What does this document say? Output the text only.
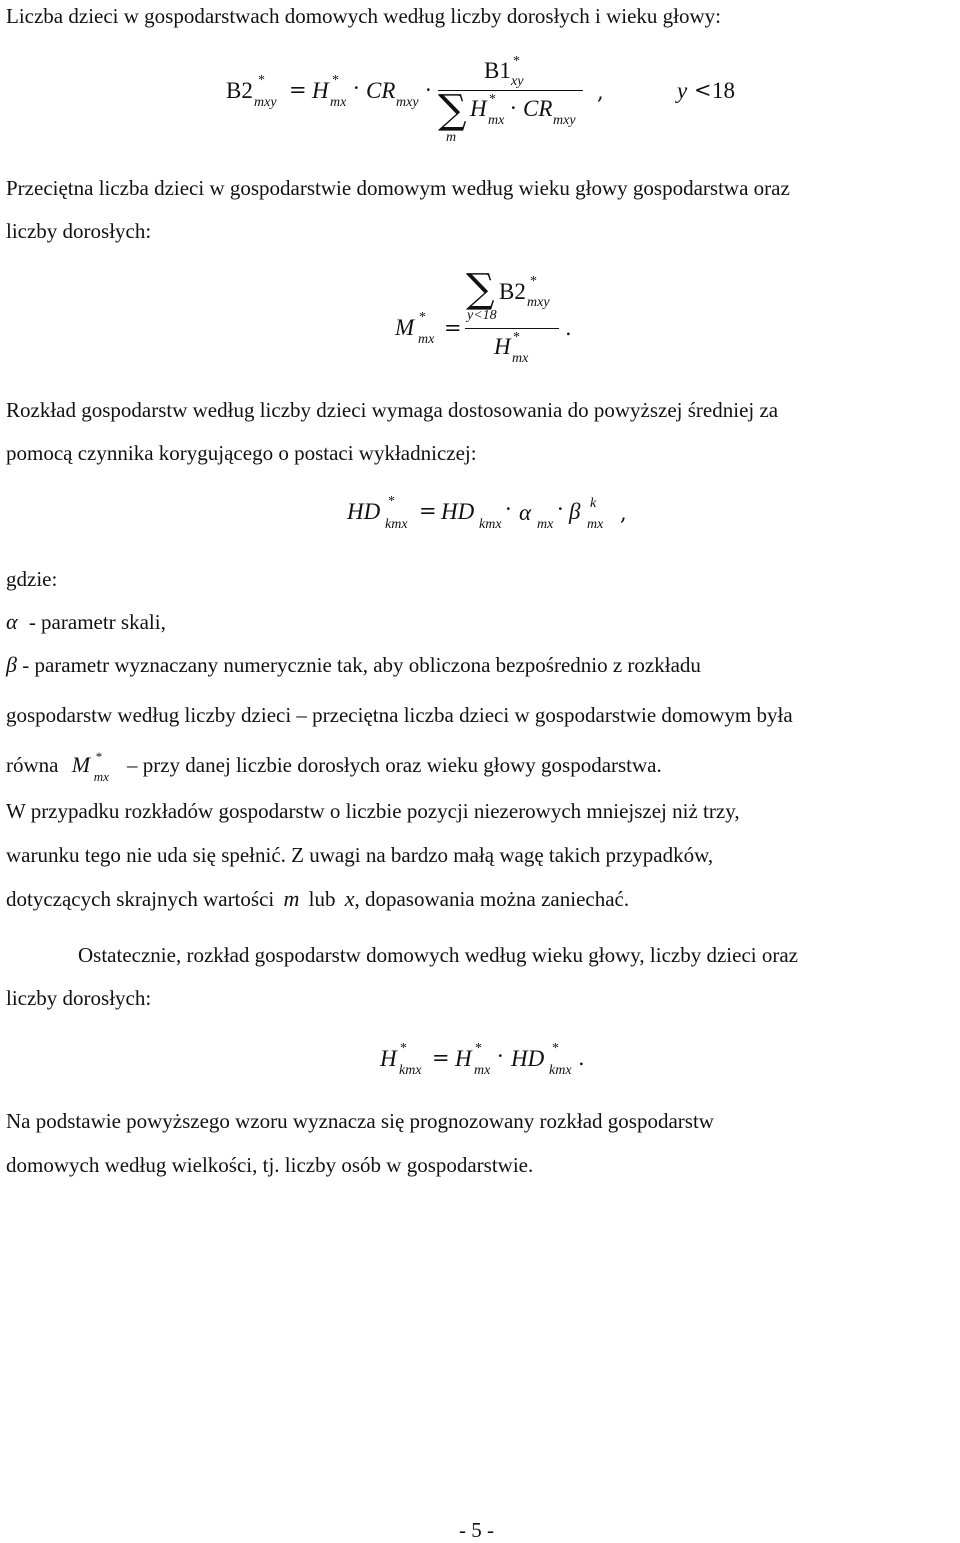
Liczba dzieci w gospodarstwach domowych według liczby dorosłych i wieku głowy:
B2 *
mxy
= H *
mx
· CR mxy
·
B1 *
xy
∑
m
H *
mx
· CR mxy
,	y < 18
Przeciętna liczba dzieci w gospodarstwie domowym według wieku głowy gospodarstwa oraz
liczby dorosłych:
M *
mx =
∑
y<18
B2 *
mxy
H *
mx
.
Rozkład gospodarstw według liczby dzieci wymaga dostosowania do powyższej średniej za
pomocą czynnika korygującego o postaci wykładniczej:
HD *
kmx
= HD
kmx
· α mx
· β k
mx ,
gdzie:
α - parametr skali,
β - parametr wyznaczany numerycznie tak, aby obliczona bezpośrednio z rozkładu
gospodarstw według liczby dzieci – przeciętna liczba dzieci w gospodarstwie domowym była
równa M *
mx – przy danej liczbie dorosłych oraz wieku głowy gospodarstwa.
W przypadku rozkładów gospodarstw o liczbie pozycji niezerowych mniejszej niż trzy,
warunku tego nie uda się spełnić. Z uwagi na bardzo małą wagę takich przypadków,
dotyczących skrajnych wartości m lub x, dopasowania można zaniechać.
Ostatecznie, rozkład gospodarstw domowych według wieku głowy, liczby dzieci oraz
liczby dorosłych:
H *
kmx
= H *
mx
· HD *
kmx
.
Na podstawie powyższego wzoru wyznacza się prognozowany rozkład gospodarstw
domowych według wielkości, tj. liczby osób w gospodarstwie.
- 5 -
